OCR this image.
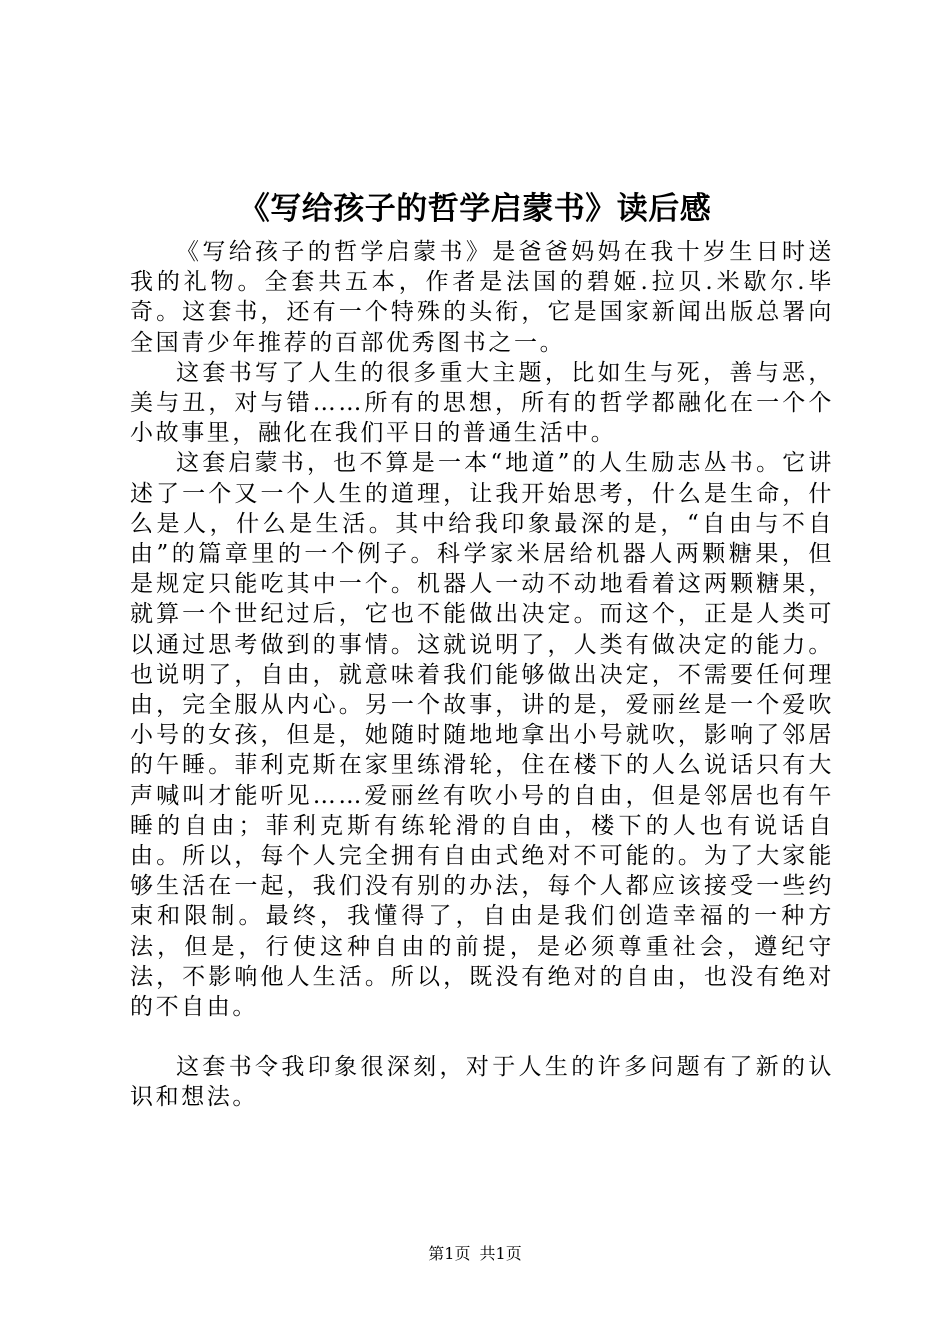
《写给孩子的哲学启蒙书》读后感

《写给孩子的哲学启蒙书》是爸爸妈妈在我十岁生日时送我的礼物。全套共五本，作者是法国的碧姬.拉贝.米歇尔.毕奇。这套书，还有一个特殊的头衔，它是国家新闻出版总署向全国青少年推荐的百部优秀图书之一。

这套书写了人生的很多重大主题，比如生与死，善与恶，美与丑，对与错……所有的思想，所有的哲学都融化在一个个小故事里，融化在我们平日的普通生活中。

这套启蒙书，也不算是一本“地道”的人生励志丛书。它讲述了一个又一个人生的道理，让我开始思考，什么是生命，什么是人，什么是生活。其中给我印象最深的是，“自由与不自由”的篇章里的一个例子。科学家米居给机器人两颗糖果，但是规定只能吃其中一个。机器人一动不动地看着这两颗糖果，就算一个世纪过后，它也不能做出决定。而这个，正是人类可以通过思考做到的事情。这就说明了，人类有做决定的能力。也说明了，自由，就意味着我们能够做出决定，不需要任何理由，完全服从内心。另一个故事，讲的是，爱丽丝是一个爱吹小号的女孩，但是，她随时随地地拿出小号就吹，影响了邻居的午睡。菲利克斯在家里练滑轮，住在楼下的人么说话只有大声喊叫才能听见……爱丽丝有吹小号的自由，但是邻居也有午睡的自由；菲利克斯有练轮滑的自由，楼下的人也有说话自由。所以，每个人完全拥有自由式绝对不可能的。为了大家能够生活在一起，我们没有别的办法，每个人都应该接受一些约束和限制。最终，我懂得了，自由是我们创造幸福的一种方法，但是，行使这种自由的前提，是必须尊重社会，遵纪守法，不影响他人生活。所以，既没有绝对的自由，也没有绝对的不自由。

这套书令我印象很深刻，对于人生的许多问题有了新的认识和想法。

第1页 共1页
